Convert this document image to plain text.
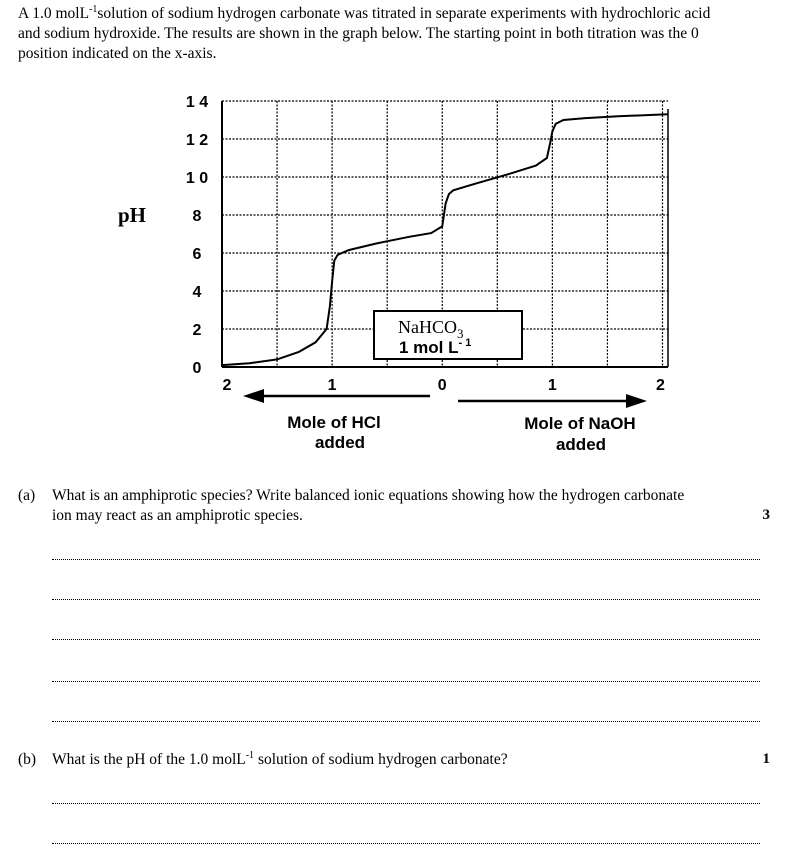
A 1.0 molL$^{-1}$solution of sodium hydrogen carbonate was titrated in separate experiments with hydrochloric acid and sodium hydroxide. The results are shown in the graph below. The starting point in both titration was the 0 position indicated on the x-axis.

1 4
1 2
1 0
8
6
4
2
0
2	1	0	1	2
pH
NaHCO$_3$
1 mol $L^{- 1}$
Mole of HCl
added
Mole of NaOH
added
(a) What is an amphiprotic species? Write balanced ionic equations showing how the hydrogen carbonate ion may react as an amphiprotic species.	3
(b) What is the pH of the 1.0 molL$^{-1}$ solution of sodium hydrogen carbonate?	1
